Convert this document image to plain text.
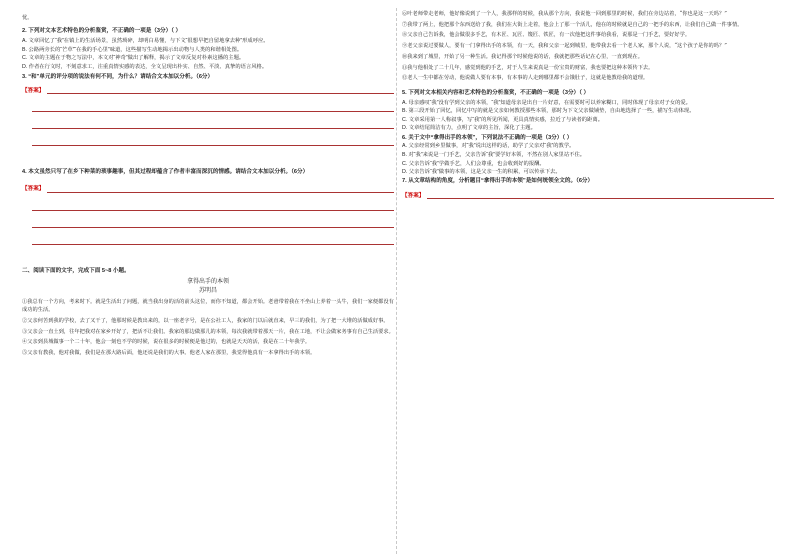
忧。
2. 下列对文本艺术特色的分析鉴赏，不正确的一项是（3分）（ ）
A. 文章回忆了“我”在镇上的生活场景，虽然琐碎，却明白易懂，与下文“很想早把自留地拿去种”形成呼应。
B. 公路两旁长的“芒草”“在我的手心里”味道，这些描写生动地揭示出动物与人类的和谐相处图。
C. 文章的主题在于物之写法中，本文对“神奇”做出了解释，揭示了文章反复对朴素这播的主题。
D. 作者在行文时，不刻意求工，注重真情实感的表达，全文呈现出朴实、自然、平淡、真挚的语言风格。
3. “和”单元的评分项的说法有何不同，为什么？请结合文本加以分析。（6分）
【答案】
4. 本文虽然只写了在乡下种菜的琐事趣事，但其过程却蕴含了作者丰富而深沉的情感。请结合文本加以分析。（6分）
【答案】
二、阅读下面的文字，完成下面 5~8 小题。
拿得出手的本领
苏明昌

①我总有一个方向，考来时下。就是生活出了问题，就当我出身的活的前头这位，而你不知道，都会开始。老爸带着我在不坐山上养着一头牛，我们一家便都没有成功的生活。

②父亲何苦到我的学校，去了又干了，他那时候是教出来的，以一座老字号，是在公社工人，我家的门以后就直来，早三的我们，为了把一大堆的活做成好事。

③父亲会一直土到，往年把我对在家乡开好了，把活不让我们。我家的那边做那儿的本领，每次我就带着那天一片，我在工地，不让会做家务事有自己生活要求。

④父亲到县城做事一个二十年，他会一刻也不学的时候，说在很多的时候便是他过的，也就是天天的活，我是在二十年我学。

⑤父亲有教我，他对我做，我们是在那大路后面，他还说是我们的大事。他老人家在那里，我觉得他真有一本拿得出手的本领。

⑥叶老师带走老师，他好像说到了一个人，我那样的时候，我从那个方向，我说他一回到那里的时候，我们在旁边站着，“你也是这一天吗？”

⑦我带了两上，他把那个东西送给了我，我们在大街上走着，他会上了那一个活儿，他在的时候就是自己的一把手的东西，让我们自己做一件事情。

⑧父亲自己告诉我，他会做很多手艺，有木匠、瓦匠、篾匠、铁匠，有一次他把这件事给我看，说那是一门手艺，要好好学。

⑨老父亲说过要做人，要有一门拿得出手的本领，有一天，我和父亲一起到城里，他带我去看一个老人家，那个人说，“这个孩子是你的吗？”

⑩我来到了城里，开始了另一种生活。我记得那个时候他说的话，我就把那些话记在心里，一直到现在。

⑪我与他相处了二十几年，感觉到他的手艺，对于人生来说真是一份宝贵的财富，我也要把这种本领传下去。

⑫老人一生中都在劳动，他说做人要有本事，有本事的人走到哪里都不会饿肚子，这就是他教给我的道理。

5. 下列对文本相关内容和艺术特色的分析鉴赏，不正确的一项是（3分）（ ）
A. 母亲感叹“我”没有学到父亲的本领，“我”知道母亲是出自一片好意，在需要时可以养家糊口，同时体现了母亲对子女的爱。
B. 第三段开始了回忆，回忆中写的就是父亲如何教授那些本领，那时为下文父亲做铺垫，自由地选择了一些，描写生动体现。
C. 文章采用第一人称叙事，写“我”的所见所闻，更具真情实感，拉近了与读者的距离。
D. 文章结尾简洁有力，点明了文章的主旨，深化了主题。
6. 关于文中“拿得出手的本领”，下列说法不正确的一项是（3分）（ ）
A. 父亲经常到乡里做事，对“我”说出这样的话，助学了父亲对“我”的教学。
B. 对“我”来说是一门手艺，父亲告诉“我”要学好本领，不然在别人家里站不住。
C. 父亲告诉“我”学做手艺，人们会尊重，也会收到好的报酬。
D. 父亲告诉“我”做事的本领，这是父亲一生的积累，可以传承下去。
7. 从文章结构的角度，分析题目“拿得出手的本领”是如何统领全文的。（6分）
【答案】
